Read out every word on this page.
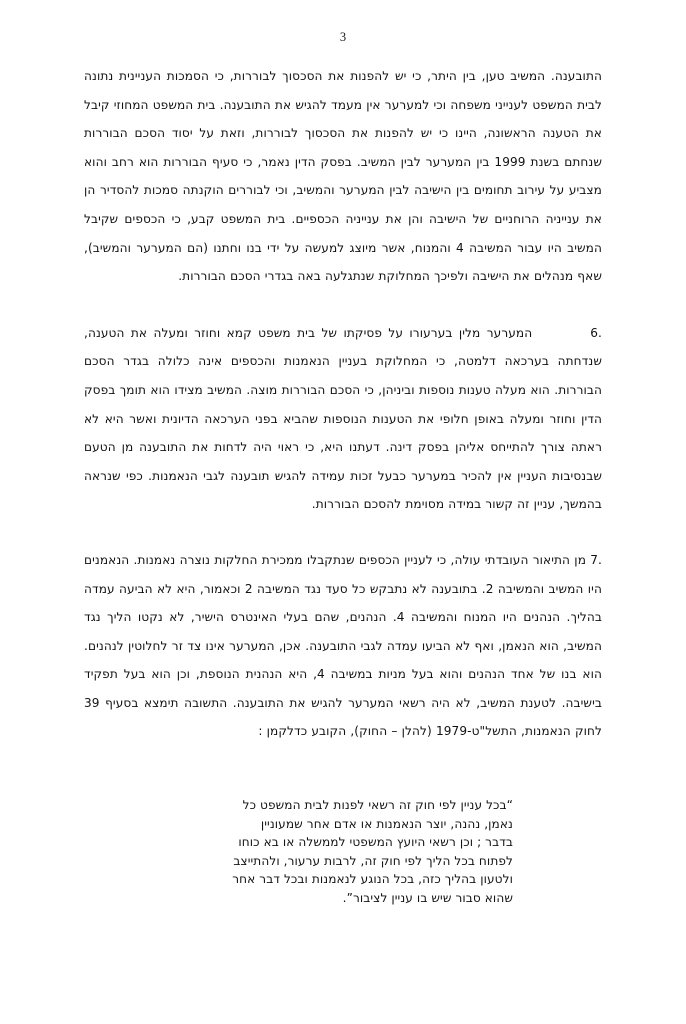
3

התובענה. המשיב טען, בין היתר, כי יש להפנות את הסכסוך לבוררות, כי הסמכות העניינית נתונה לבית המשפט לענייני משפחה וכי למערער אין מעמד להגיש את התובענה. בית המשפט המחוזי קיבל את הטענה הראשונה, היינו כי יש להפנות את הסכסוך לבוררות, וזאת על יסוד הסכם הבוררות שנחתם בשנת 1999 בין המערער לבין המשיב. בפסק הדין נאמר, כי סעיף הבוררות הוא רחב והוא מצביע על עירוב תחומים בין הישיבה לבין המערער והמשיב, וכי לבוררים הוקנתה סמכות להסדיר הן את ענייניה הרוחניים של הישיבה והן את ענייניה הכספיים. בית המשפט קבע, כי הכספים שקיבל המשיב היו עבור המשיבה 4 והמנוח, אשר מיוצג למעשה על ידי בנו וחתנו (הם המערער והמשיב), שאף מנהלים את הישיבה ולפיכך המחלוקת שנתגלעה באה בגדרי הסכם הבוררות.

.6המערער מלין בערעורו על פסיקתו של בית משפט קמא וחוזר ומעלה את הטענה, שנדחתה בערכאה דלמטה, כי המחלוקת בעניין הנאמנות והכספים אינה כלולה בגדר הסכם הבוררות. הוא מעלה טענות נוספות וביניהן, כי הסכם הבוררות מוצה. המשיב מצידו הוא תומך בפסק הדין וחוזר ומעלה באופן חלופי את הטענות הנוספות שהביא בפני הערכאה הדיונית ואשר היא לא ראתה צורך להתייחס אליהן בפסק דינה. דעתנו היא, כי ראוי היה לדחות את התובענה מן הטעם שבנסיבות העניין אין להכיר במערער כבעל זכות עמידה להגיש תובענה לגבי הנאמנות. כפי שנראה בהמשך, עניין זה קשור במידה מסוימת להסכם הבוררות.

.7 מן התיאור העובדתי עולה, כי לעניין הכספים שנתקבלו ממכירת החלקות נוצרה נאמנות. הנאמנים היו המשיב והמשיבה 2. בתובענה לא נתבקש כל סעד נגד המשיבה 2 וכאמור, היא לא הביעה עמדה בהליך. הנהנים היו המנוח והמשיבה 4. הנהנים, שהם בעלי האינטרס הישיר, לא נקטו הליך נגד המשיב, הוא הנאמן, ואף לא הביעו עמדה לגבי התובענה. אכן, המערער אינו צד זר לחלוטין לנהנים. הוא בנו של אחד הנהנים והוא בעל מניות במשיבה 4, היא הנהנית הנוספת, וכן הוא בעל תפקיד בישיבה. לטענת המשיב, לא היה רשאי המערער להגיש את התובענה. התשובה תימצא בסעיף 39 לחוק הנאמנות, התשל"ט-1979 (להלן – החוק), הקובע כדלקמן :

“בכל עניין לפי חוק זה רשאי לפנות לבית המשפט כל
נאמן, נהנה, יוצר הנאמנות או אדם אחר שמעוניין
בדבר ; וכן רשאי היועץ המשפטי לממשלה או בא כוחו
לפתוח בכל הליך לפי חוק זה, לרבות ערעור, ולהתייצב
ולטעון בהליך כזה, בכל הנוגע לנאמנות ובכל דבר אחר
שהוא סבור שיש בו עניין לציבור”.
